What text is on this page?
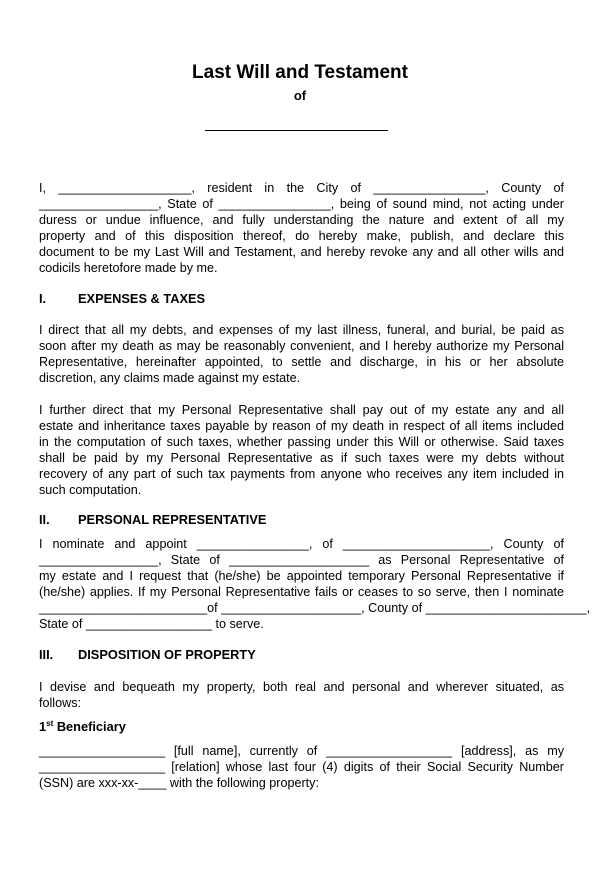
Last Will and Testament
of
I, ___________________, resident in the City of ________________, County of
_________________, State of ________________, being of sound mind, not acting under
duress or undue influence, and fully understanding the nature and extent of all my
property and of this disposition thereof, do hereby make, publish, and declare this
document to be my Last Will and Testament, and hereby revoke any and all other wills and
codicils heretofore made by me.
I. EXPENSES & TAXES
I direct that all my debts, and expenses of my last illness, funeral, and burial, be paid as
soon after my death as may be reasonably convenient, and I hereby authorize my Personal
Representative, hereinafter appointed, to settle and discharge, in his or her absolute
discretion, any claims made against my estate.
I further direct that my Personal Representative shall pay out of my estate any and all
estate and inheritance taxes payable by reason of my death in respect of all items included
in the computation of such taxes, whether passing under this Will or otherwise. Said taxes
shall be paid by my Personal Representative as if such taxes were my debts without
recovery of any part of such tax payments from anyone who receives any item included in
such computation.
II. PERSONAL REPRESENTATIVE
I nominate and appoint ________________, of _____________________, County of
_________________, State of ____________________ as Personal Representative of
my estate and I request that (he/she) be appointed temporary Personal Representative if
(he/she) applies. If my Personal Representative fails or ceases to so serve, then I nominate
________________________of ____________________, County of _______________________,
State of __________________ to serve.
III. DISPOSITION OF PROPERTY
I devise and bequeath my property, both real and personal and wherever situated, as
follows:
1st Beneficiary
__________________ [full name], currently of __________________ [address], as my
__________________ [relation] whose last four (4) digits of their Social Security Number
(SSN) are xxx-xx-____ with the following property:
